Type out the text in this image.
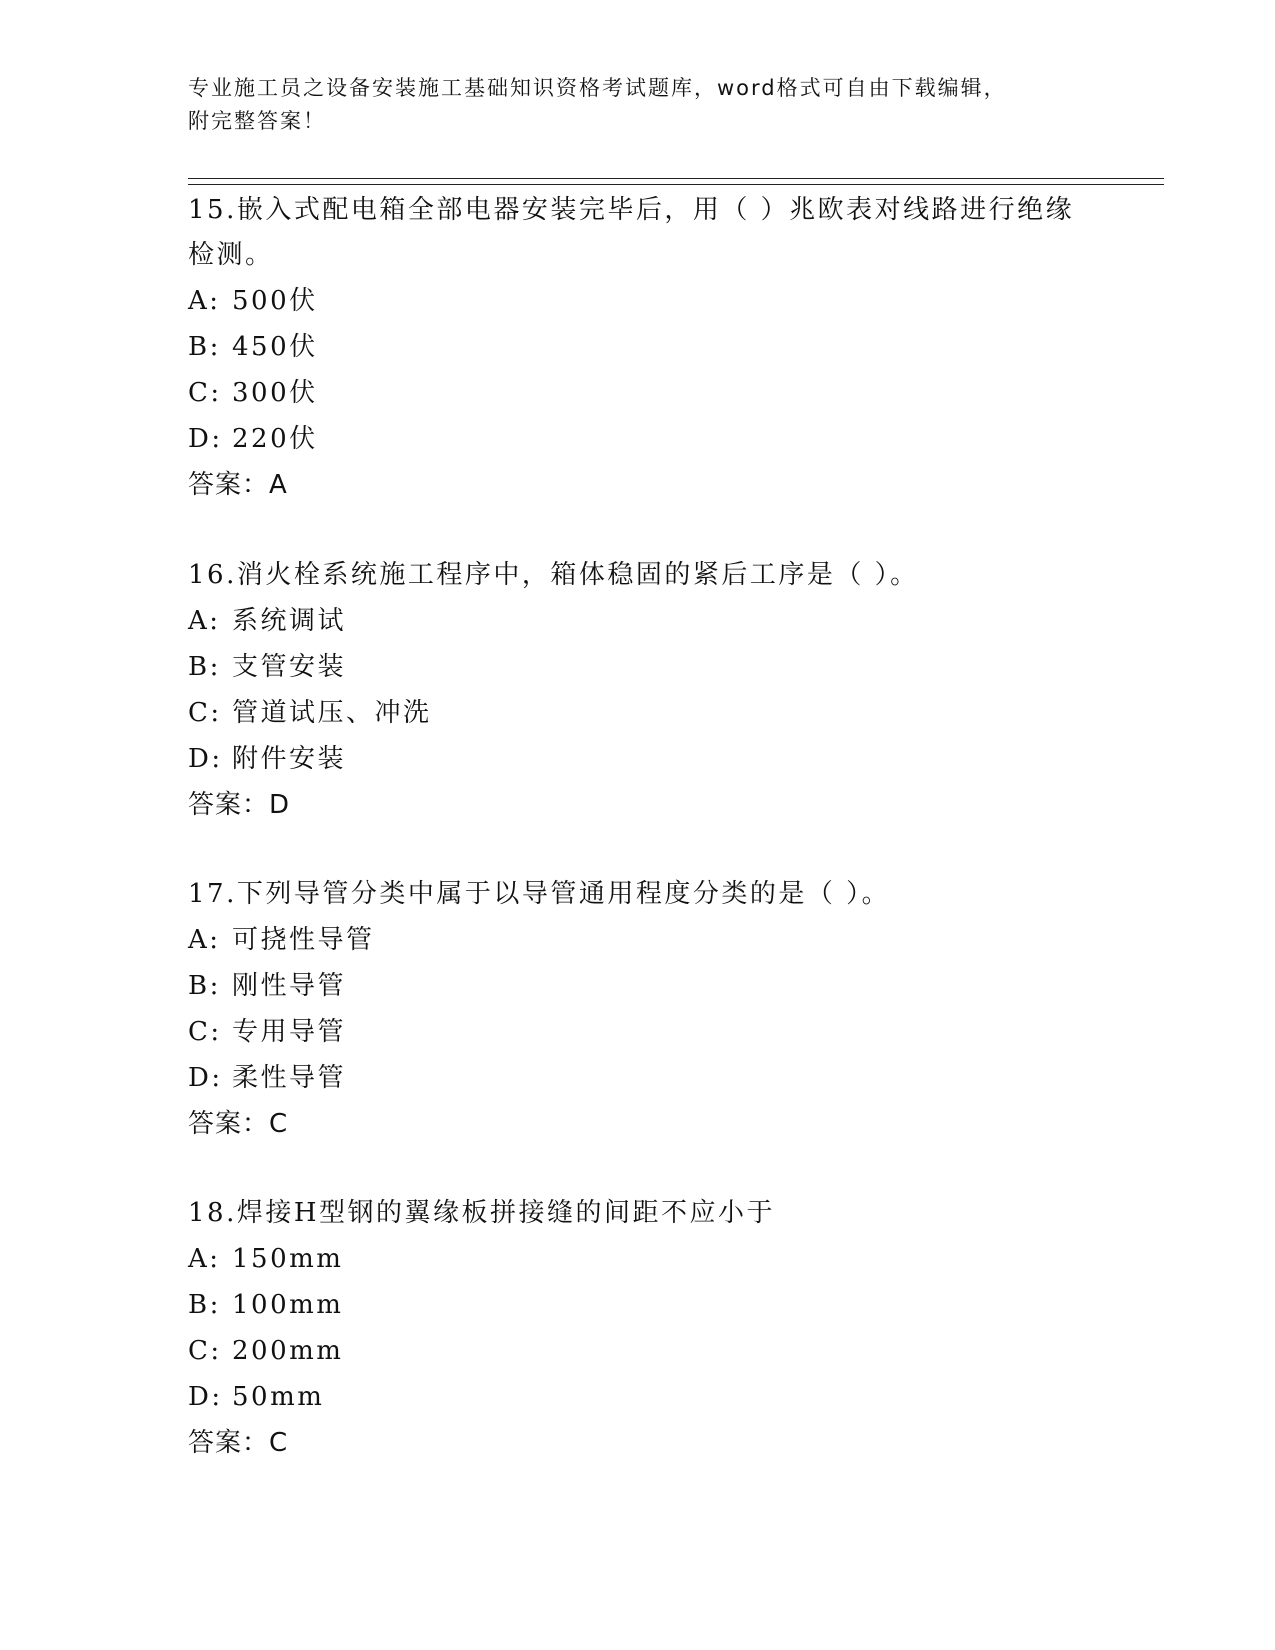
专业施工员之设备安装施工基础知识资格考试题库，word格式可自由下载编辑，
附完整答案！

15.嵌入式配电箱全部电器安装完毕后，用（ ）兆欧表对线路进行绝缘检测。

A: 500伏
B: 450伏
C: 300伏
D: 220伏
答案：A

16.消火栓系统施工程序中，箱体稳固的紧后工序是（ ）。

A: 系统调试
B: 支管安装
C: 管道试压、冲洗
D: 附件安装
答案：D

17.下列导管分类中属于以导管通用程度分类的是（ ）。

A: 可挠性导管
B: 刚性导管
C: 专用导管
D: 柔性导管
答案：C

18.焊接H型钢的翼缘板拼接缝的间距不应小于

A: 150mm
B: 100mm
C: 200mm
D: 50mm
答案：C
